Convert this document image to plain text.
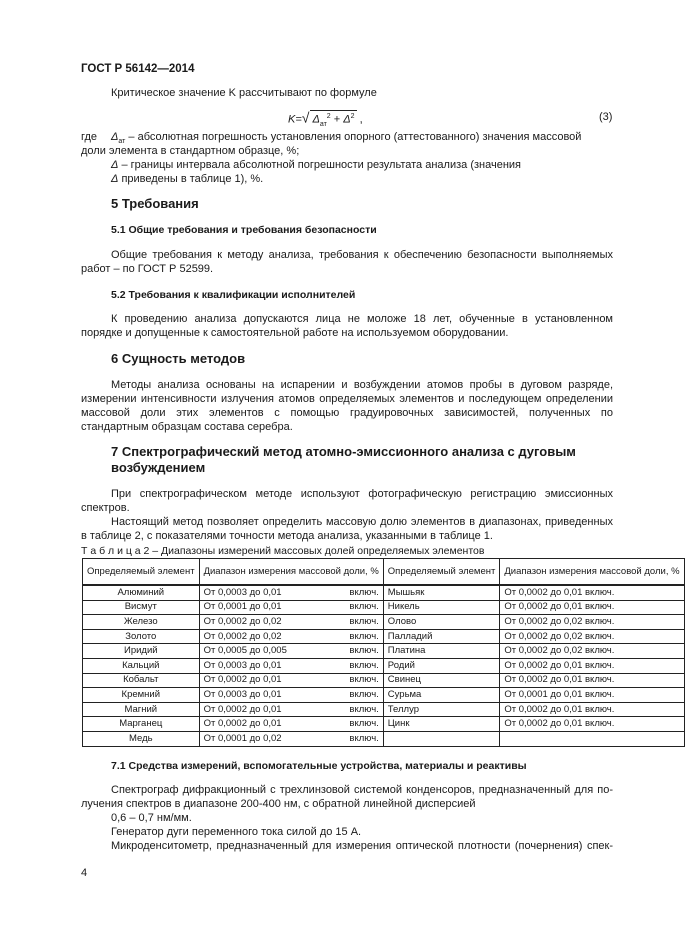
ГОСТ Р 56142—2014
Критическое значение K рассчитывают по формуле
K=√ $\Delta_{ат}^2 + \Delta^2$ ,	(3)
где $\Delta_{ат}$ – абсолютная погрешность установления опорного (аттестованного) значения массовой
доли элемента в стандартном образце, %;
Δ – границы интервала абсолютной погрешности результата анализа (значения
Δ приведены в таблице 1), %.
5 Требования
5.1 Общие требования и требования безопасности
Общие требования к методу анализа, требования к обеспечению безопасности выполняемых
работ – по ГОСТ Р 52599.
5.2 Требования к квалификации исполнителей
К проведению анализа допускаются лица не моложе 18 лет, обученные в установленном
порядке и допущенные к самостоятельной работе на используемом оборудовании.
6 Сущность методов
Методы анализа основаны на испарении и возбуждении атомов пробы в дуговом разряде,
измерении интенсивности излучения атомов определяемых элементов и последующем определении
массовой доли этих элементов с помощью градуировочных зависимостей, полученных по
стандартным образцам состава серебра.
7 Спектрографический метод атомно-эмиссионного анализа с дуговым
возбуждением
При спектрографическом методе используют фотографическую регистрацию эмиссионных
спектров.
Настоящий метод позволяет определить массовую долю элементов в диапазонах, приведенных
в таблице 2, с показателями точности метода анализа, указанными в таблице 1.
Т а б л и ц а 2 – Диапазоны измерений массовых долей определяемых элементов
Определяемый элемент	Диапазон измерения массовой доли, %	Определяемый элемент	Диапазон измерения массовой доли, %
Алюминий	От 0,0003 до 0,01 включ.	Мышьяк	От 0,0002 до 0,01 включ.
Висмут	От 0,0001 до 0,01 включ.	Никель	От 0,0002 до 0,01 включ.
Железо	От 0,0002 до 0,02 включ.	Олово	От 0,0002 до 0,02 включ.
Золото	От 0,0002 до 0,02 включ.	Палладий	От 0,0002 до 0,02 включ.
Иридий	От 0,0005 до 0,005 включ.	Платина	От 0,0002 до 0,02 включ.
Кальций	От 0,0003 до 0,01 включ.	Родий	От 0,0002 до 0,01 включ.
Кобальт	От 0,0002 до 0,01 включ.	Свинец	От 0,0002 до 0,01 включ.
Кремний	От 0,0003 до 0,01 включ.	Сурьма	От 0,0001 до 0,01 включ.
Магний	От 0,0002 до 0,01 включ.	Теллур	От 0,0002 до 0,01 включ.
Марганец	От 0,0002 до 0,01 включ.	Цинк	От 0,0002 до 0,01 включ.
Медь	От 0,0001 до 0,02 включ.		

7.1 Средства измерений, вспомогательные устройства, материалы и реактивы
Спектрограф дифракционный с трехлинзовой системой конденсоров, предназначенный для по-
лучения спектров в диапазоне 200-400 нм, с обратной линейной дисперсией
0,6 – 0,7 нм/мм.
Генератор дуги переменного тока силой до 15 А.
Микроденситометр, предназначенный для измерения оптической плотности (почернения) спек-
4
